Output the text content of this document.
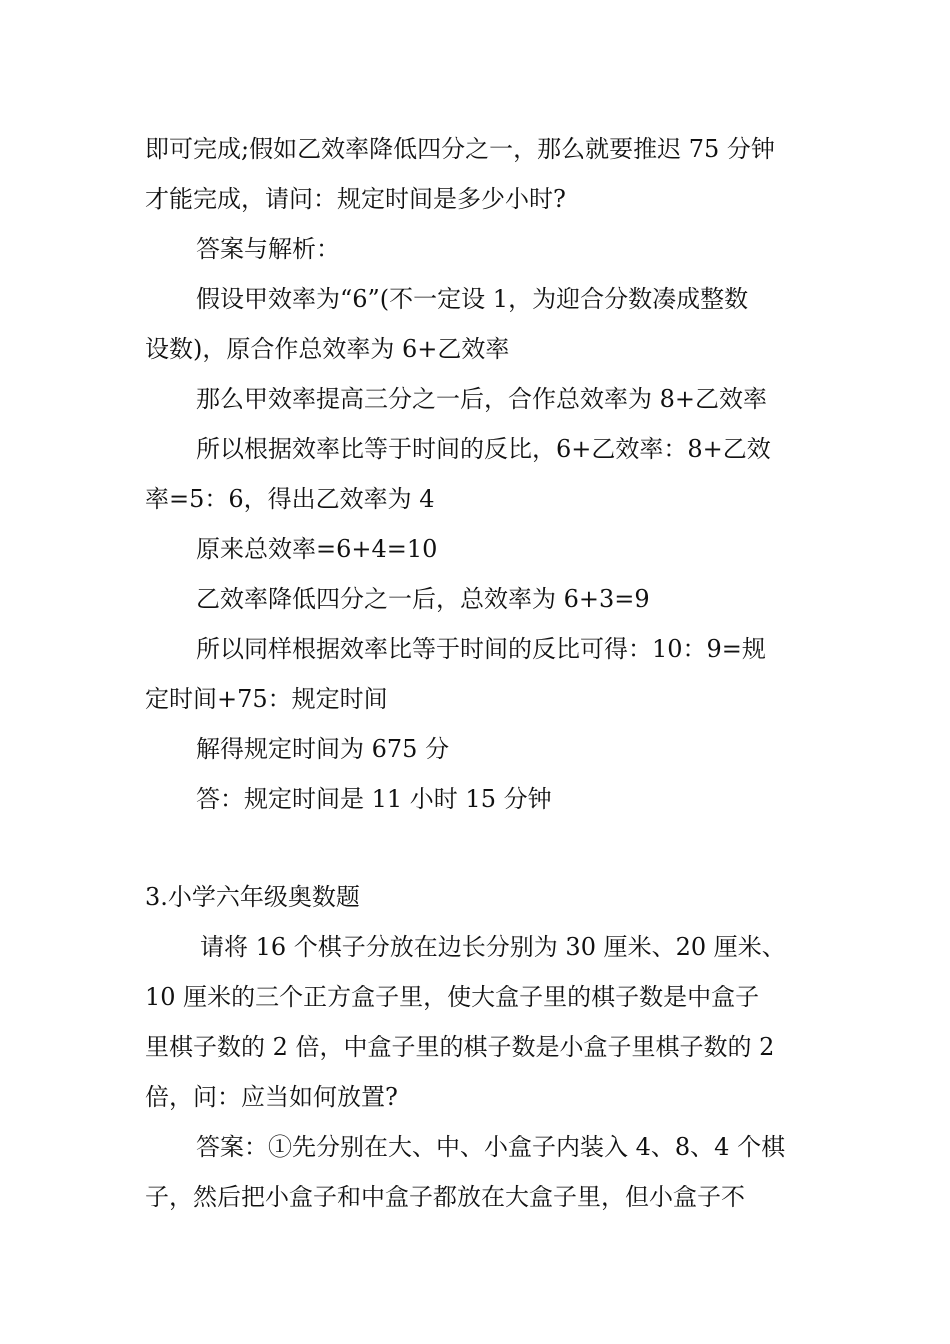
即可完成;假如乙效率降低四分之一，那么就要推迟 75 分钟
才能完成，请问：规定时间是多少小时?
答案与解析：
假设甲效率为“6”(不一定设 1，为迎合分数凑成整数
设数)，原合作总效率为 6+乙效率
那么甲效率提高三分之一后，合作总效率为 8+乙效率
所以根据效率比等于时间的反比，6+乙效率：8+乙效
率=5：6，得出乙效率为 4
原来总效率=6+4=10
乙效率降低四分之一后，总效率为 6+3=9
所以同样根据效率比等于时间的反比可得：10：9=规
定时间+75：规定时间
解得规定时间为 675 分
答：规定时间是 11 小时 15 分钟
3.小学六年级奥数题
请将 16 个棋子分放在边长分别为 30 厘米、20 厘米、
10 厘米的三个正方盒子里，使大盒子里的棋子数是中盒子
里棋子数的 2 倍，中盒子里的棋子数是小盒子里棋子数的 2
倍，问：应当如何放置?
答案：①先分别在大、中、小盒子内装入 4、8、4 个棋
子，然后把小盒子和中盒子都放在大盒子里，但小盒子不
